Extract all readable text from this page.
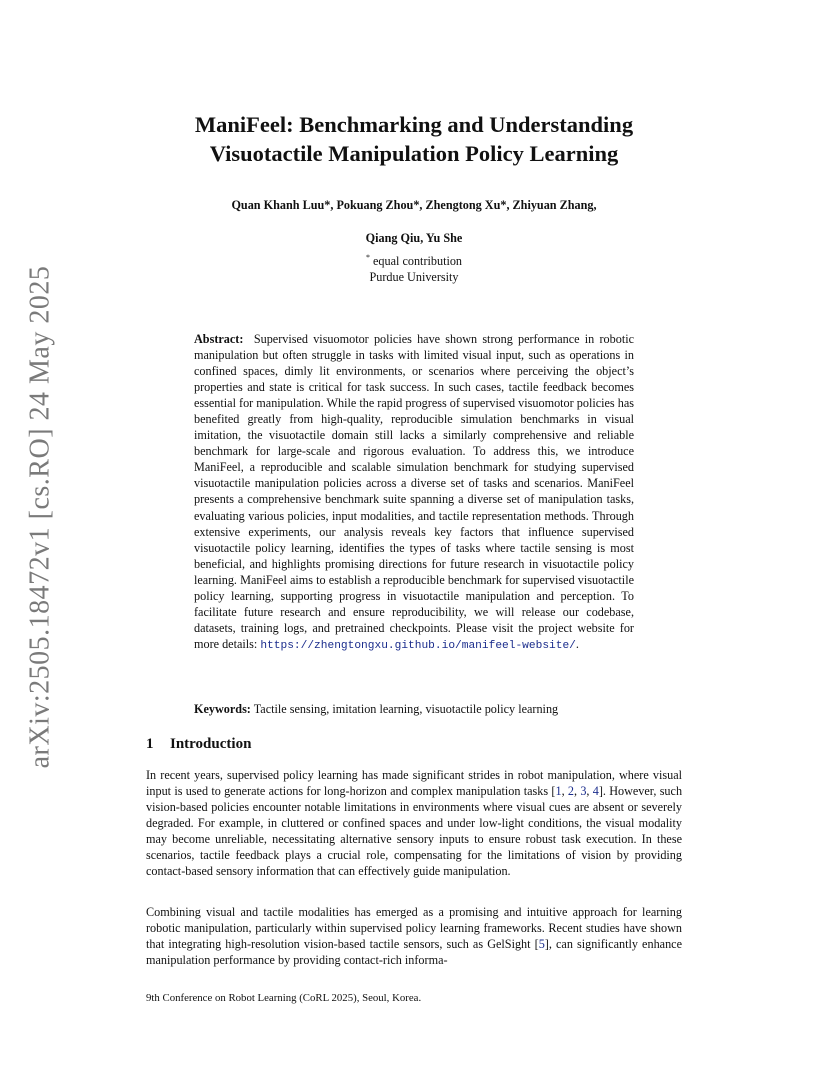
arXiv:2505.18472v1 [cs.RO] 24 May 2025
ManiFeel: Benchmarking and Understanding
Visuotactile Manipulation Policy Learning
Quan Khanh Luu*, Pokuang Zhou*, Zhengtong Xu*, Zhiyuan Zhang,
Qiang Qiu, Yu She
* equal contribution
Purdue University
Abstract: Supervised visuomotor policies have shown strong performance in robotic manipulation but often struggle in tasks with limited visual input, such as operations in confined spaces, dimly lit environments, or scenarios where perceiving the object’s properties and state is critical for task success. In such cases, tactile feedback becomes essential for manipulation. While the rapid progress of supervised visuomotor policies has benefited greatly from high-quality, reproducible simulation benchmarks in visual imitation, the visuotactile domain still lacks a similarly comprehensive and reliable benchmark for large-scale and rigorous evaluation. To address this, we introduce ManiFeel, a reproducible and scalable simulation benchmark for studying supervised visuotactile manipulation policies across a diverse set of tasks and scenarios. ManiFeel presents a comprehensive benchmark suite spanning a diverse set of manipulation tasks, evaluating various policies, input modalities, and tactile representation methods. Through extensive experiments, our analysis reveals key factors that influence supervised visuotactile policy learning, identifies the types of tasks where tactile sensing is most beneficial, and highlights promising directions for future research in visuotactile policy learning. ManiFeel aims to establish a reproducible benchmark for supervised visuotactile policy learning, supporting progress in visuotactile manipulation and perception. To facilitate future research and ensure reproducibility, we will release our codebase, datasets, training logs, and pretrained checkpoints. Please visit the project website for more details: https://zhengtongxu.github.io/manifeel-website/.
Keywords: Tactile sensing, imitation learning, visuotactile policy learning
1 Introduction
In recent years, supervised policy learning has made significant strides in robot manipulation, where visual input is used to generate actions for long-horizon and complex manipulation tasks [1, 2, 3, 4]. However, such vision-based policies encounter notable limitations in environments where visual cues are absent or severely degraded. For example, in cluttered or confined spaces and under low-light conditions, the visual modality may become unreliable, necessitating alternative sensory inputs to ensure robust task execution. In these scenarios, tactile feedback plays a crucial role, compensating for the limitations of vision by providing contact-based sensory information that can effectively guide manipulation.
Combining visual and tactile modalities has emerged as a promising and intuitive approach for learning robotic manipulation, particularly within supervised policy learning frameworks. Recent studies have shown that integrating high-resolution vision-based tactile sensors, such as GelSight [5], can significantly enhance manipulation performance by providing contact-rich informa-
9th Conference on Robot Learning (CoRL 2025), Seoul, Korea.
